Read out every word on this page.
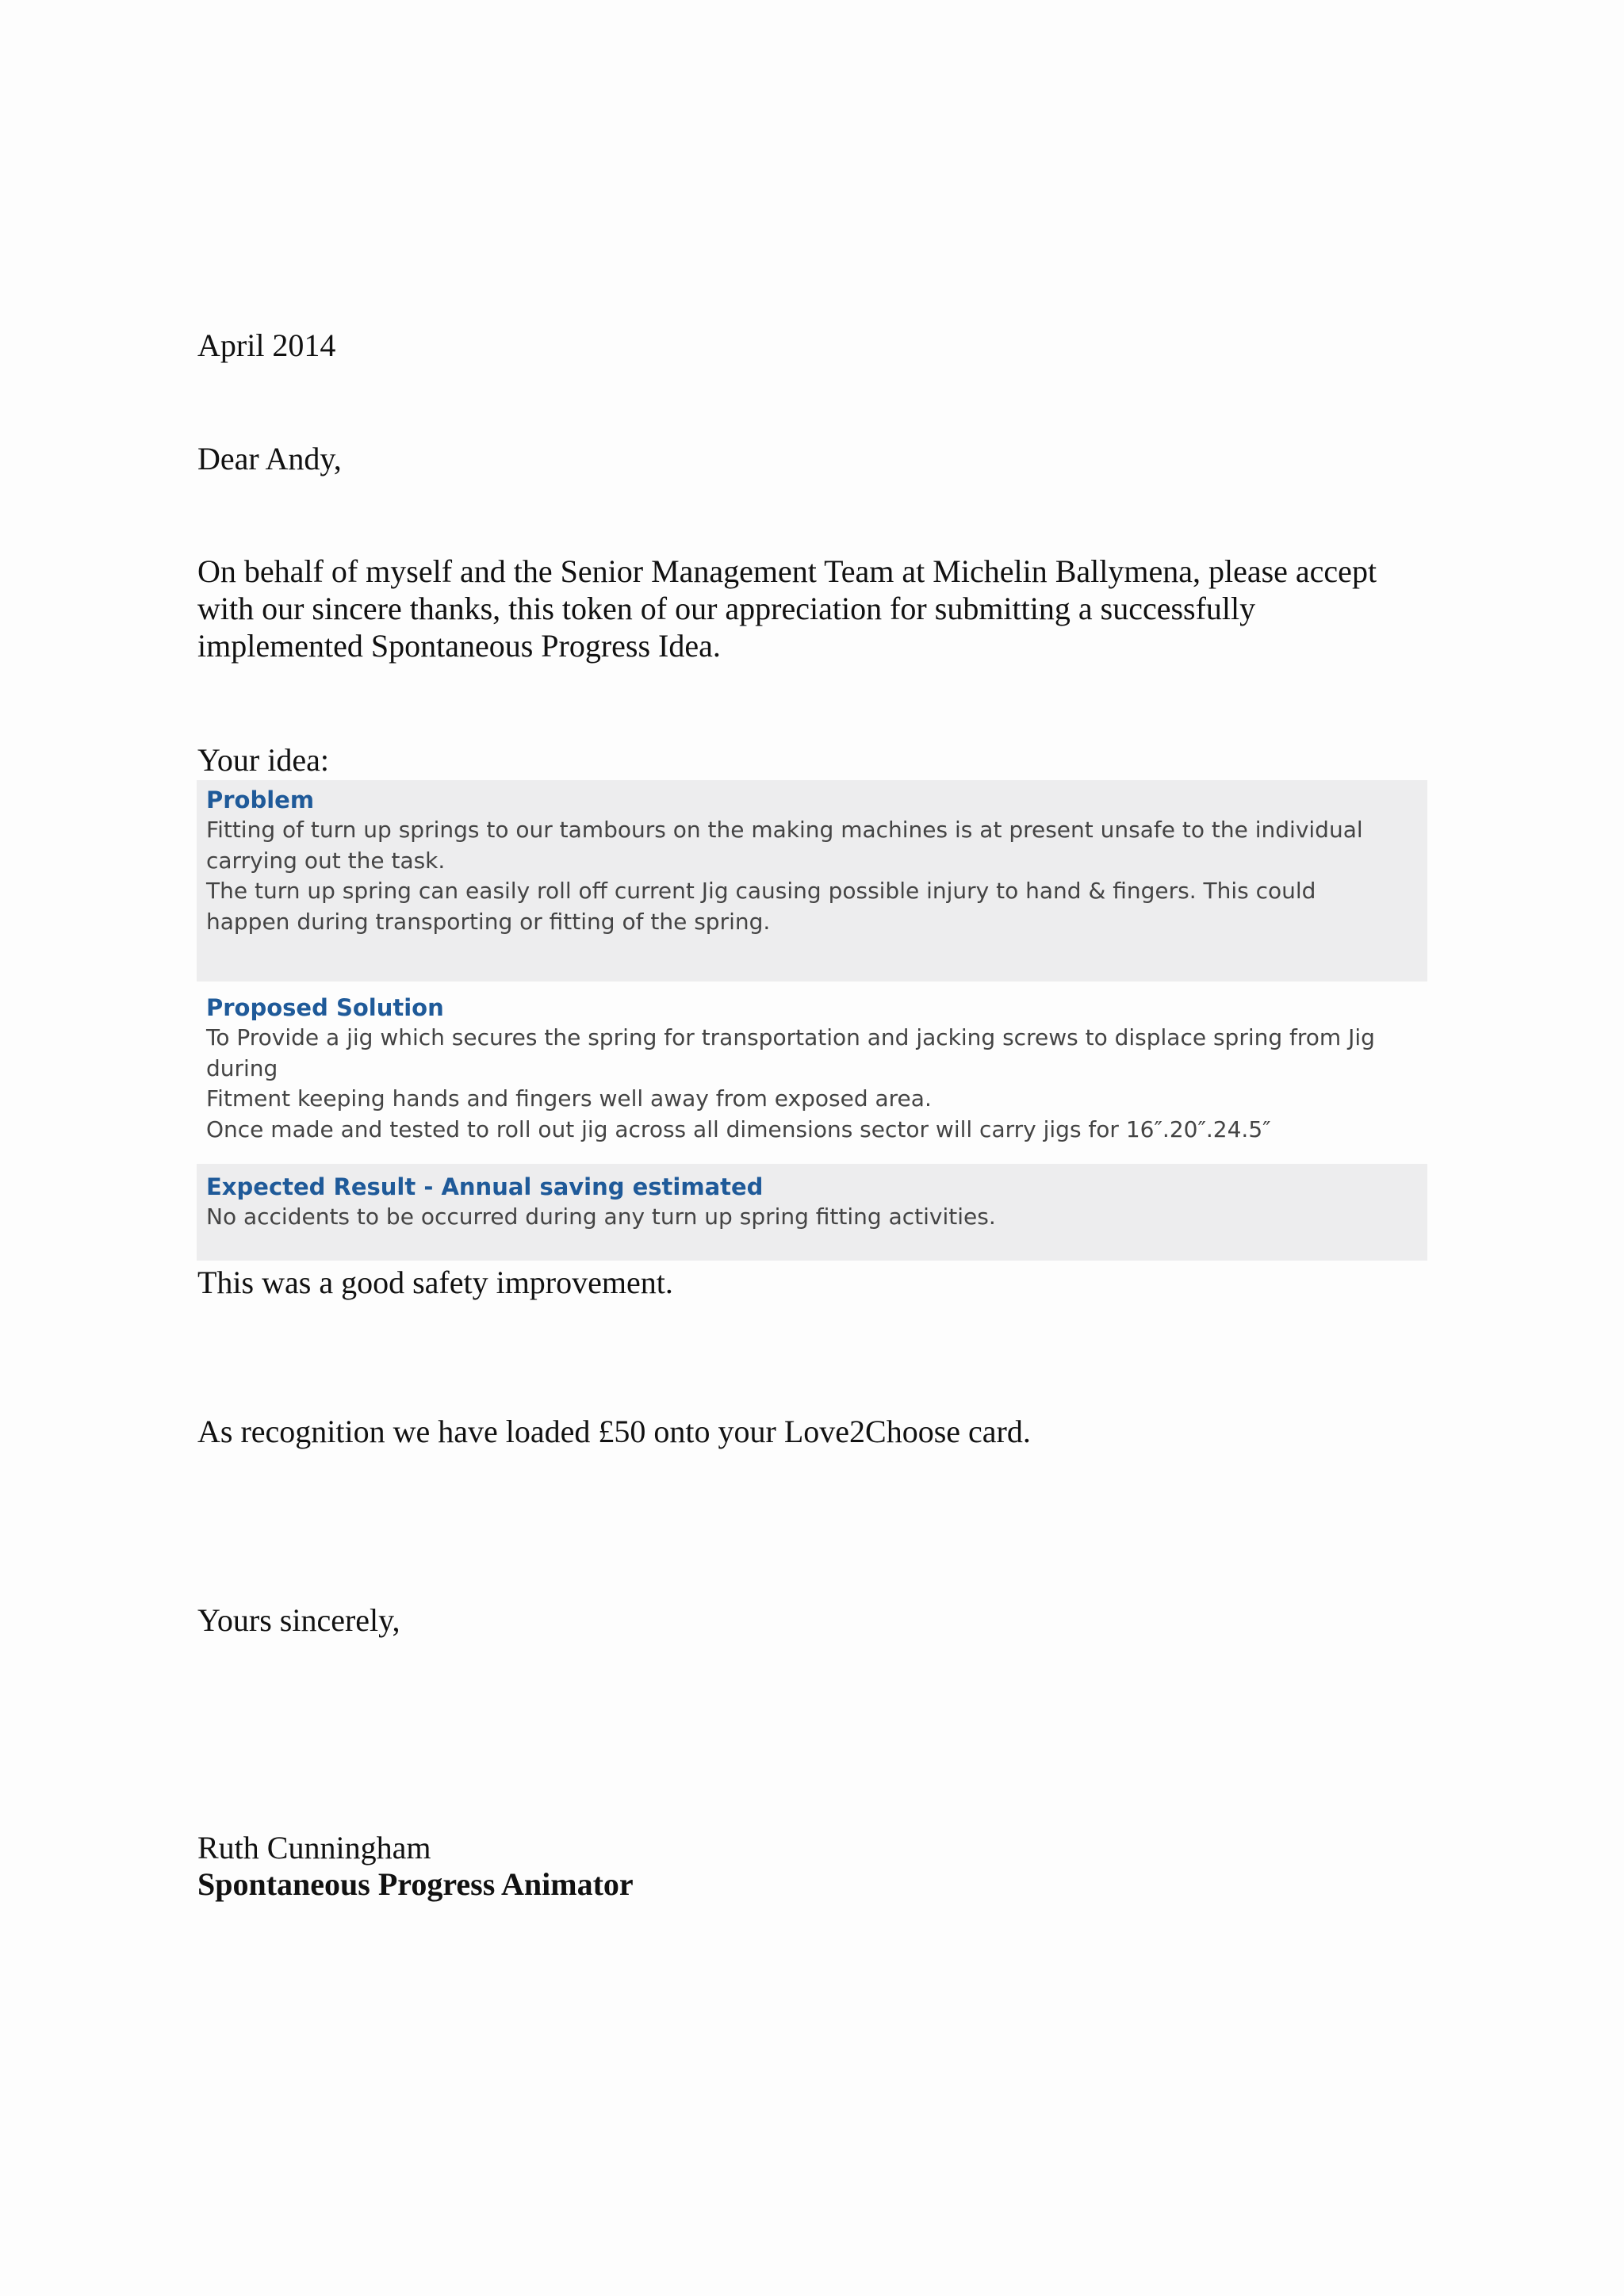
April 2014

Dear Andy,

On behalf of myself and the Senior Management Team at Michelin Ballymena, please accept
with our sincere thanks, this token of our appreciation for submitting a successfully
implemented Spontaneous Progress Idea.

Your idea:

Problem
Fitting of turn up springs to our tambours on the making machines is at present unsafe to the individual
carrying out the task.
The turn up spring can easily roll off current Jig causing possible injury to hand & fingers. This could
happen during transporting or fitting of the spring.
Proposed Solution
To Provide a jig which secures the spring for transportation and jacking screws to displace spring from Jig
during
Fitment keeping hands and fingers well away from exposed area.
Once made and tested to roll out jig across all dimensions sector will carry jigs for 16″.20″.24.5″
Expected Result - Annual saving estimated
No accidents to be occurred during any turn up spring fitting activities.

This was a good safety improvement.

As recognition we have loaded £50 onto your Love2Choose card.

Yours sincerely,

Ruth Cunningham

Spontaneous Progress Animator
